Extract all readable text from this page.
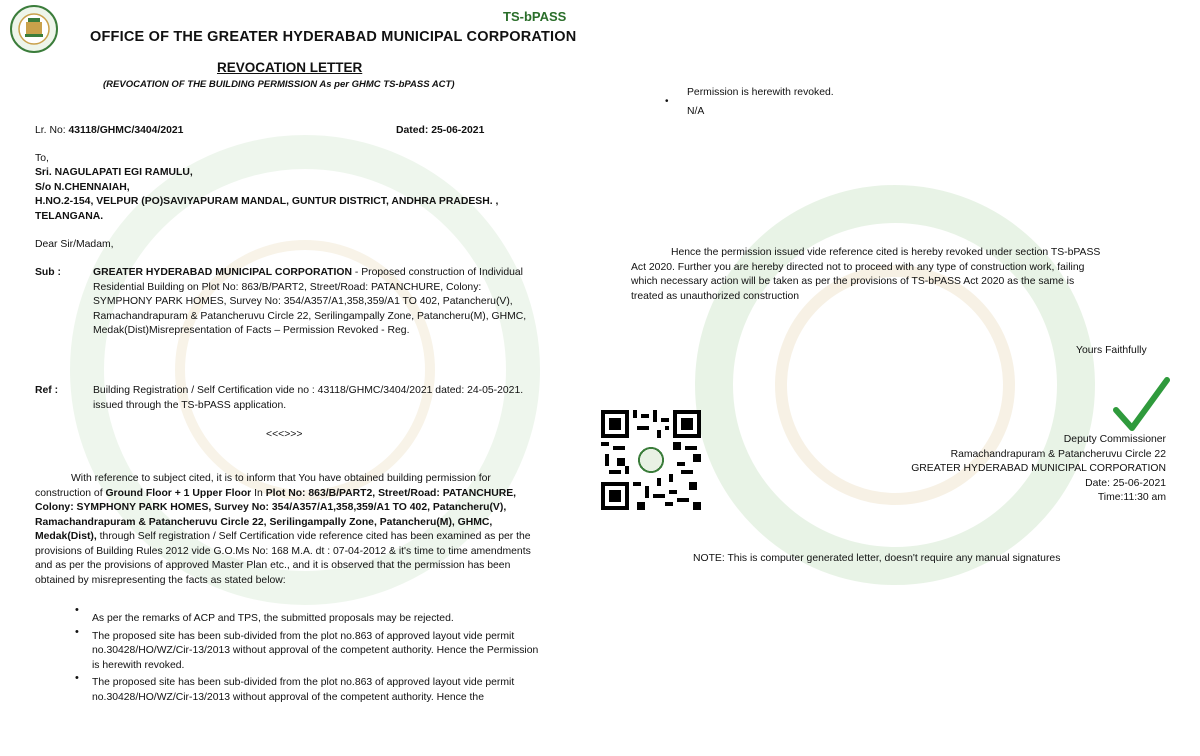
TS-bPASS
OFFICE OF THE GREATER HYDERABAD MUNICIPAL CORPORATION
REVOCATION LETTER
(REVOCATION OF THE BUILDING PERMISSION As per GHMC TS-bPASS ACT)
Lr. No: 43118/GHMC/3404/2021	Dated: 25-06-2021
To,
Sri. NAGULAPATI EGI RAMULU,
S/o N.CHENNAIAH,
H.NO.2-154, VELPUR (PO)SAVIYAPURAM MANDAL, GUNTUR DISTRICT, ANDHRA PRADESH. ,
TELANGANA.
Dear Sir/Madam,
Sub :	GREATER HYDERABAD MUNICIPAL CORPORATION - Proposed construction of Individual Residential Building on Plot No: 863/B/PART2, Street/Road: PATANCHURE, Colony: SYMPHONY PARK HOMES, Survey No: 354/A357/A1,358,359/A1 TO 402, Patancheru(V), Ramachandrapuram & Patancheruvu Circle 22, Serilingampally Zone, Patancheru(M), GHMC, Medak(Dist)Misrepresentation of Facts – Permission Revoked - Reg.
Ref :	Building Registration / Self Certification vide no : 43118/GHMC/3404/2021 dated: 24-05-2021. issued through the TS-bPASS application.
<<<>>>
With reference to subject cited, it is to inform that You have obtained building permission for construction of Ground Floor + 1 Upper Floor In Plot No: 863/B/PART2, Street/Road: PATANCHURE, Colony: SYMPHONY PARK HOMES, Survey No: 354/A357/A1,358,359/A1 TO 402, Patancheru(V), Ramachandrapuram & Patancheruvu Circle 22, Serilingampally Zone, Patancheru(M), GHMC, Medak(Dist), through Self registration / Self Certification vide reference cited has been examined as per the provisions of Building Rules 2012 vide G.O.Ms No: 168 M.A. dt : 07-04-2012 & it's time to time amendments and as per the provisions of approved Master Plan etc., and it is observed that the permission has been obtained by misrepresenting the facts as stated below:
• As per the remarks of ACP and TPS, the submitted proposals may be rejected.
• The proposed site has been sub-divided from the plot no.863 of approved layout vide permit no.30428/HO/WZ/Cir-13/2013 without approval of the competent authority. Hence the Permission is herewith revoked.
• The proposed site has been sub-divided from the plot no.863 of approved layout vide permit no.30428/HO/WZ/Cir-13/2013 without approval of the competent authority. Hence the
•
Permission is herewith revoked.
N/A
Hence the permission issued vide reference cited is hereby revoked under section TS-bPASS Act 2020. Further you are hereby directed not to proceed with any type of construction work, failing which necessary action will be taken as per the provisions of TS-bPASS Act 2020 as the same is treated as unauthorized construction
Yours Faithfully
Deputy Commissioner
Ramachandrapuram & Patancheruvu Circle 22
GREATER HYDERABAD MUNICIPAL CORPORATION
Date: 25-06-2021
Time:11:30 am
NOTE: This is computer generated letter, doesn't require any manual signatures
